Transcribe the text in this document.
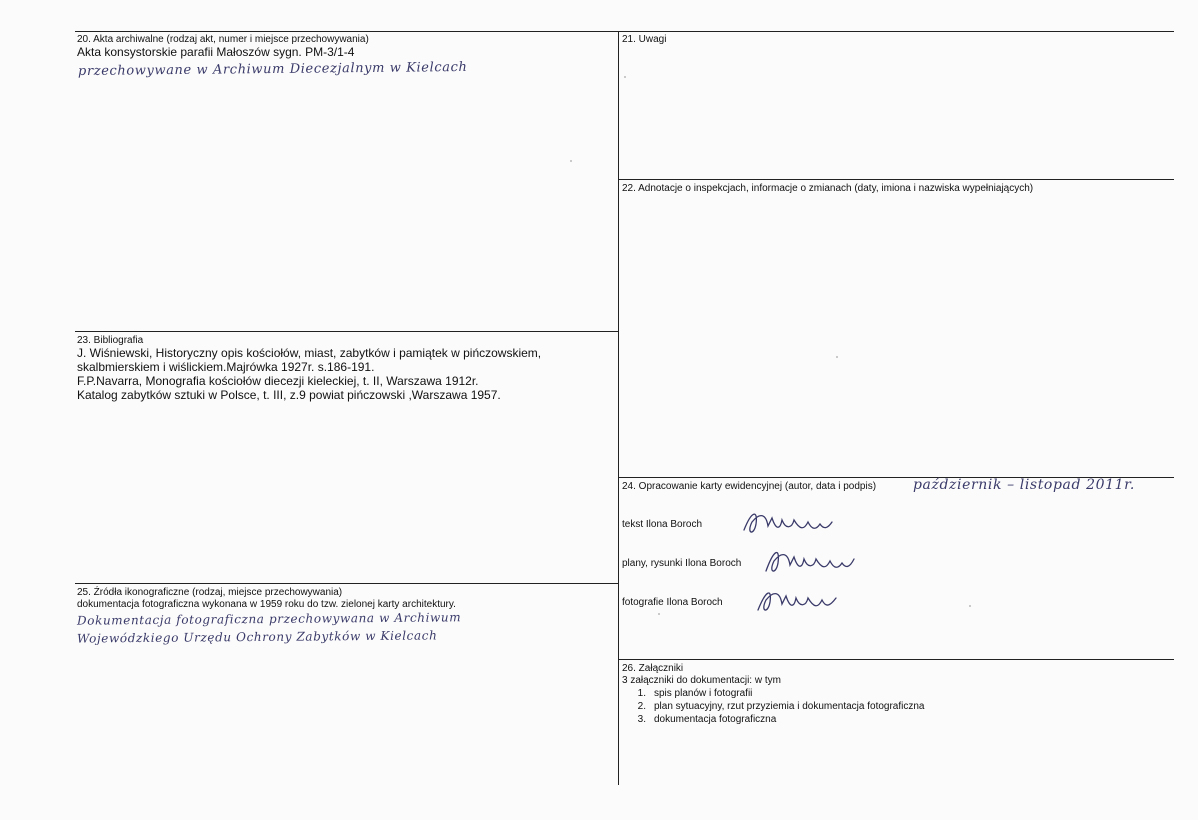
20. Akta archiwalne (rodzaj akt, numer i miejsce przechowywania)
Akta konsystorskie parafii Małoszów sygn. PM-3/1-4
przechowywane w Archiwum Diecezjalnym w Kielcach
21. Uwagi
22. Adnotacje o inspekcjach, informacje o zmianach (daty, imiona i nazwiska wypełniających)
23. Bibliografia
J. Wiśniewski, Historyczny opis kościołów, miast, zabytków i pamiątek w pińczowskiem,
skalbmierskiem i wiślickiem.Majrówka 1927r. s.186-191.
F.P.Navarra, Monografia kościołów diecezji kieleckiej, t. II, Warszawa 1912r.
Katalog zabytków sztuki w Polsce, t. III, z.9 powiat pińczowski ,Warszawa 1957.
24. Opracowanie karty ewidencyjnej (autor, data i podpis)	październik – listopad 2011r.
tekst Ilona Boroch
plany, rysunki Ilona Boroch
fotografie Ilona Boroch
25. Źródła ikonograficzne (rodzaj, miejsce przechowywania)
dokumentacja fotograficzna wykonana w 1959 roku do tzw. zielonej karty architektury.
Dokumentacja fotograficzna przechowywana w Archiwum
Wojewódzkiego Urzędu Ochrony Zabytków w Kielcach
26. Załączniki
3 załączniki do dokumentacji: w tym
1. spis planów i fotografii
2. plan sytuacyjny, rzut przyziemia i dokumentacja fotograficzna
3. dokumentacja fotograficzna
